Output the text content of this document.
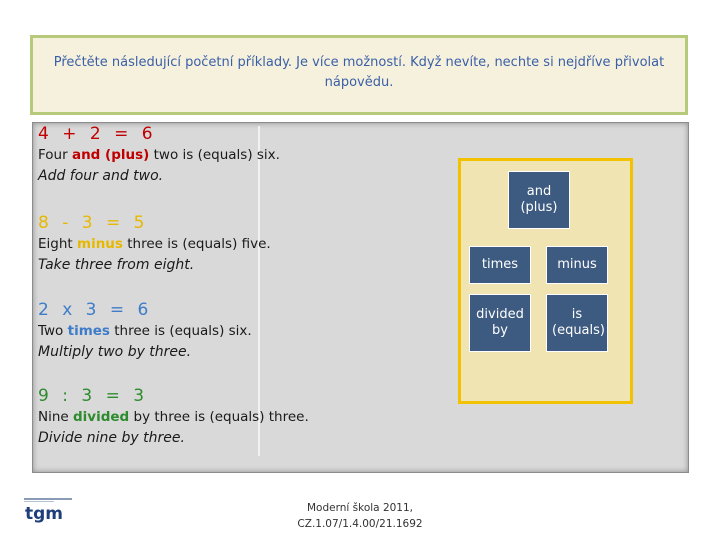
Přečtěte následující početní příklady. Je více možností. Když nevíte, nechte si nejdříve přivolat nápovědu.
4 + 2 = 6
Four and (plus) two is (equals) six.
Add four and two.
8 - 3 = 5
Eight minus three is (equals) five.
Take three from eight.
2 x 3 = 6
Two times three is (equals) six.
Multiply two by three.
9 : 3 = 3
Nine divided by three is (equals) three.
Divide nine by three.
and (plus)
times	minus
divided by
is (equals)
tgm	Moderní škola 2011,
CZ.1.07/1.4.00/21.1692
